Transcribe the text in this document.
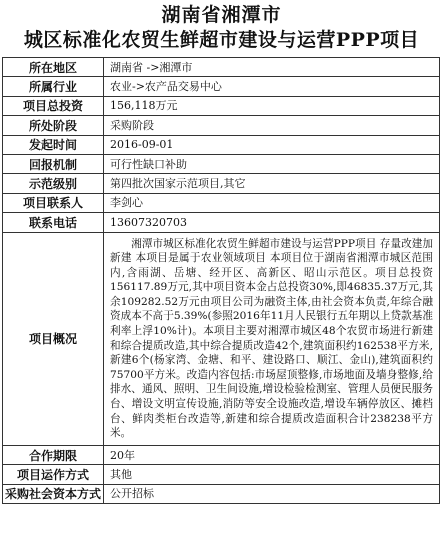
湖南省湘潭市
城区标准化农贸生鲜超市建设与运营PPP项目
所在地区	湖南省 ->湘潭市
所属行业	农业->农产品交易中心
项目总投资	156,118万元
所处阶段	采购阶段
发起时间	2016-09-01
回报机制	可行性缺口补助
示范级别	第四批次国家示范项目,其它
项目联系人	李剑心
联系电话	13607320703
项目概况	湘潭市城区标准化农贸生鲜超市建设与运营PPP项目 存量改建加新建 本项目是属于农业领域项目 本项目位于湖南省湘潭市城区范围内,含雨湖、岳塘、经开区、高新区、昭山示范区。项目总投资156117.89万元,其中项目资本金占总投资30%,即46835.37万元,其余109282.52万元由项目公司为融资主体,由社会资本负责,年综合融资成本不高于5.39%(参照2016年11月人民银行五年期以上贷款基准利率上浮10%计)。本项目主要对湘潭市城区48个农贸市场进行新建和综合提质改造,其中综合提质改造42个,建筑面积约162538平方米,新建6个(杨家湾、金塘、和平、建设路口、顺江、金山),建筑面积约75700平方米。改造内容包括:市场屋顶整修,市场地面及墙身整修,给排水、通风、照明、卫生间设施,增设检验检测室、管理人员便民服务台、增设文明宣传设施,消防等安全设施改造,增设车辆停放区、摊档台、鲜肉类柜台改造等,新建和综合提质改造面积合计238238平方米。
合作期限	20年
项目运作方式	其他
采购社会资本方式	公开招标
